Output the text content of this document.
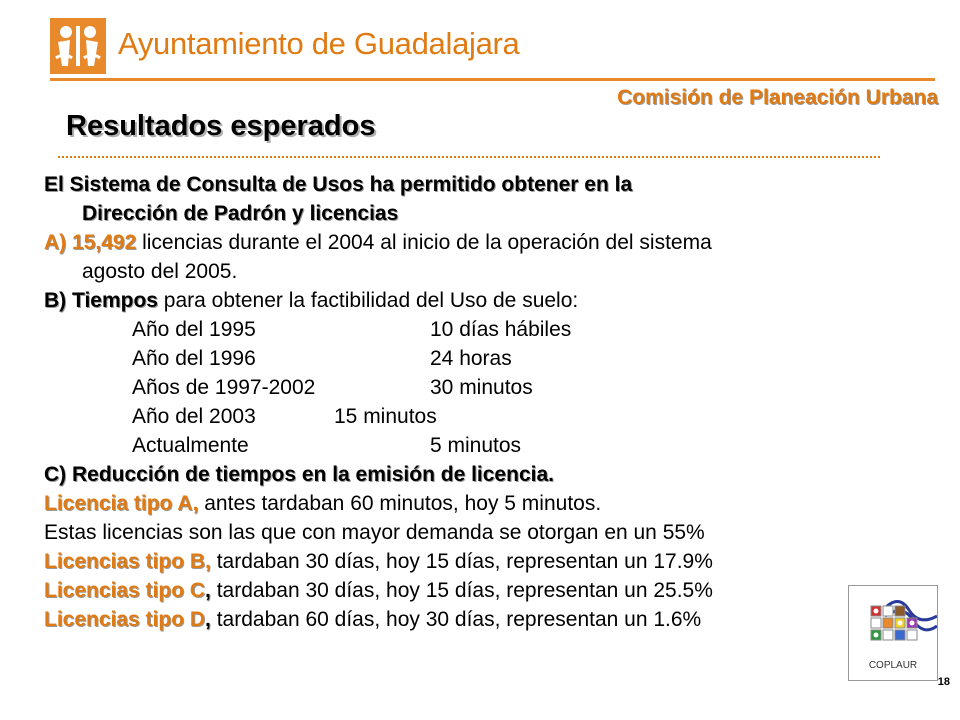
Ayuntamiento de Guadalajara
Comisión de Planeación Urbana
Resultados esperados
El Sistema de Consulta de Usos ha permitido obtener en la
Dirección de Padrón y licencias
A) 15,492 licencias durante el 2004 al inicio de la operación del sistema
agosto del 2005.
B) Tiempos para obtener la factibilidad del Uso de suelo:
Año del 1995	10 días hábiles
Año del 1996	24 horas
Años de 1997-2002	30 minutos
Año del 2003	15 minutos
Actualmente	5 minutos
C) Reducción de tiempos en la emisión de licencia.
Licencia tipo A, antes tardaban 60 minutos, hoy 5 minutos.
Estas licencias son las que con mayor demanda se otorgan en un 55%
Licencias tipo B, tardaban 30 días, hoy 15 días, representan un 17.9%
Licencias tipo C, tardaban 30 días, hoy 15 días, representan un 25.5%
Licencias tipo D, tardaban 60 días, hoy 30 días, representan un 1.6%
COPLAUR
18
